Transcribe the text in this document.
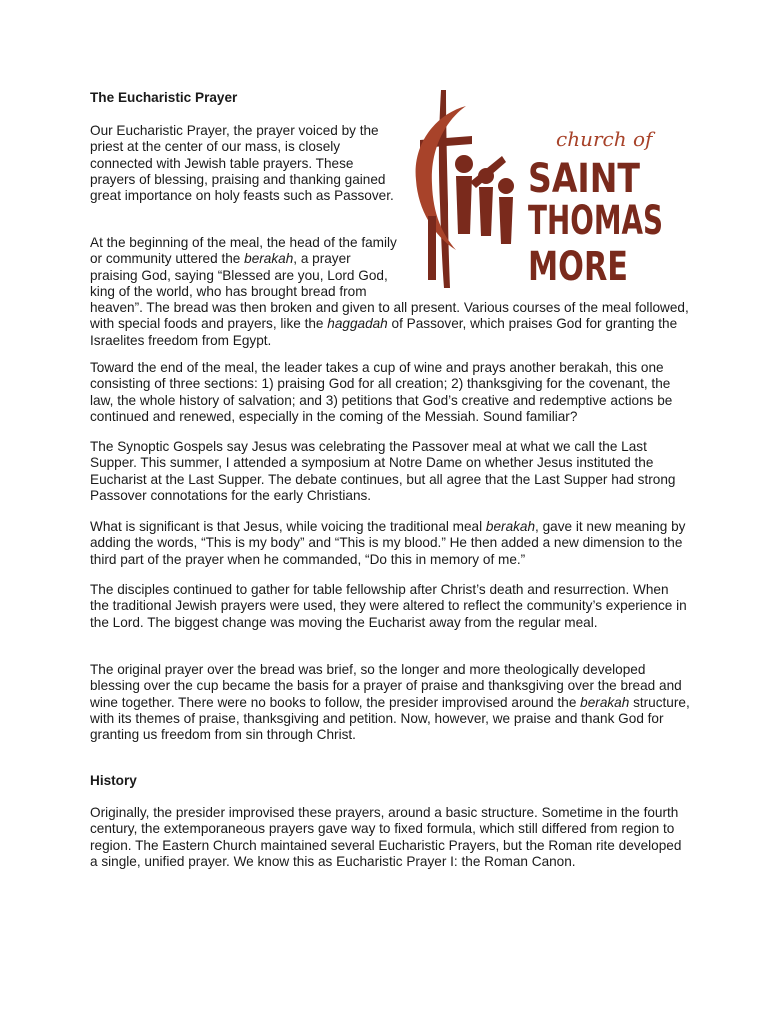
church of
SAINT
THOMAS
MORE
The Eucharistic Prayer

Our Eucharistic Prayer, the prayer voiced by the priest at the center of our mass, is closely connected with Jewish table prayers. These prayers of blessing, praising and thanking gained great importance on holy feasts such as Passover.

At the beginning of the meal, the head of the family or community uttered the berakah, a prayer praising God, saying “Blessed are you, Lord God, king of the world, who has brought bread from heaven”. The bread was then broken and given to all present. Various courses of the meal followed, with special foods and prayers, like the haggadah of Passover, which praises God for granting the Israelites freedom from Egypt.

Toward the end of the meal, the leader takes a cup of wine and prays another berakah, this one consisting of three sections: 1) praising God for all creation; 2) thanksgiving for the covenant, the law, the whole history of salvation; and 3) petitions that God’s creative and redemptive actions be continued and renewed, especially in the coming of the Messiah. Sound familiar?

The Synoptic Gospels say Jesus was celebrating the Passover meal at what we call the Last Supper. This summer, I attended a symposium at Notre Dame on whether Jesus instituted the Eucharist at the Last Supper. The debate continues, but all agree that the Last Supper had strong Passover connotations for the early Christians.

What is significant is that Jesus, while voicing the traditional meal berakah, gave it new meaning by adding the words, “This is my body” and “This is my blood.” He then added a new dimension to the third part of the prayer when he commanded, “Do this in memory of me.”

The disciples continued to gather for table fellowship after Christ’s death and resurrection. When the traditional Jewish prayers were used, they were altered to reflect the community’s experience in the Lord. The biggest change was moving the Eucharist away from the regular meal.

The original prayer over the bread was brief, so the longer and more theologically developed blessing over the cup became the basis for a prayer of praise and thanksgiving over the bread and wine together. There were no books to follow, the presider improvised around the berakah structure, with its themes of praise, thanksgiving and petition. Now, however, we praise and thank God for granting us freedom from sin through Christ.

History

Originally, the presider improvised these prayers, around a basic structure. Sometime in the fourth century, the extemporaneous prayers gave way to fixed formula, which still differed from region to region. The Eastern Church maintained several Eucharistic Prayers, but the Roman rite developed a single, unified prayer. We know this as Eucharistic Prayer I: the Roman Canon.
